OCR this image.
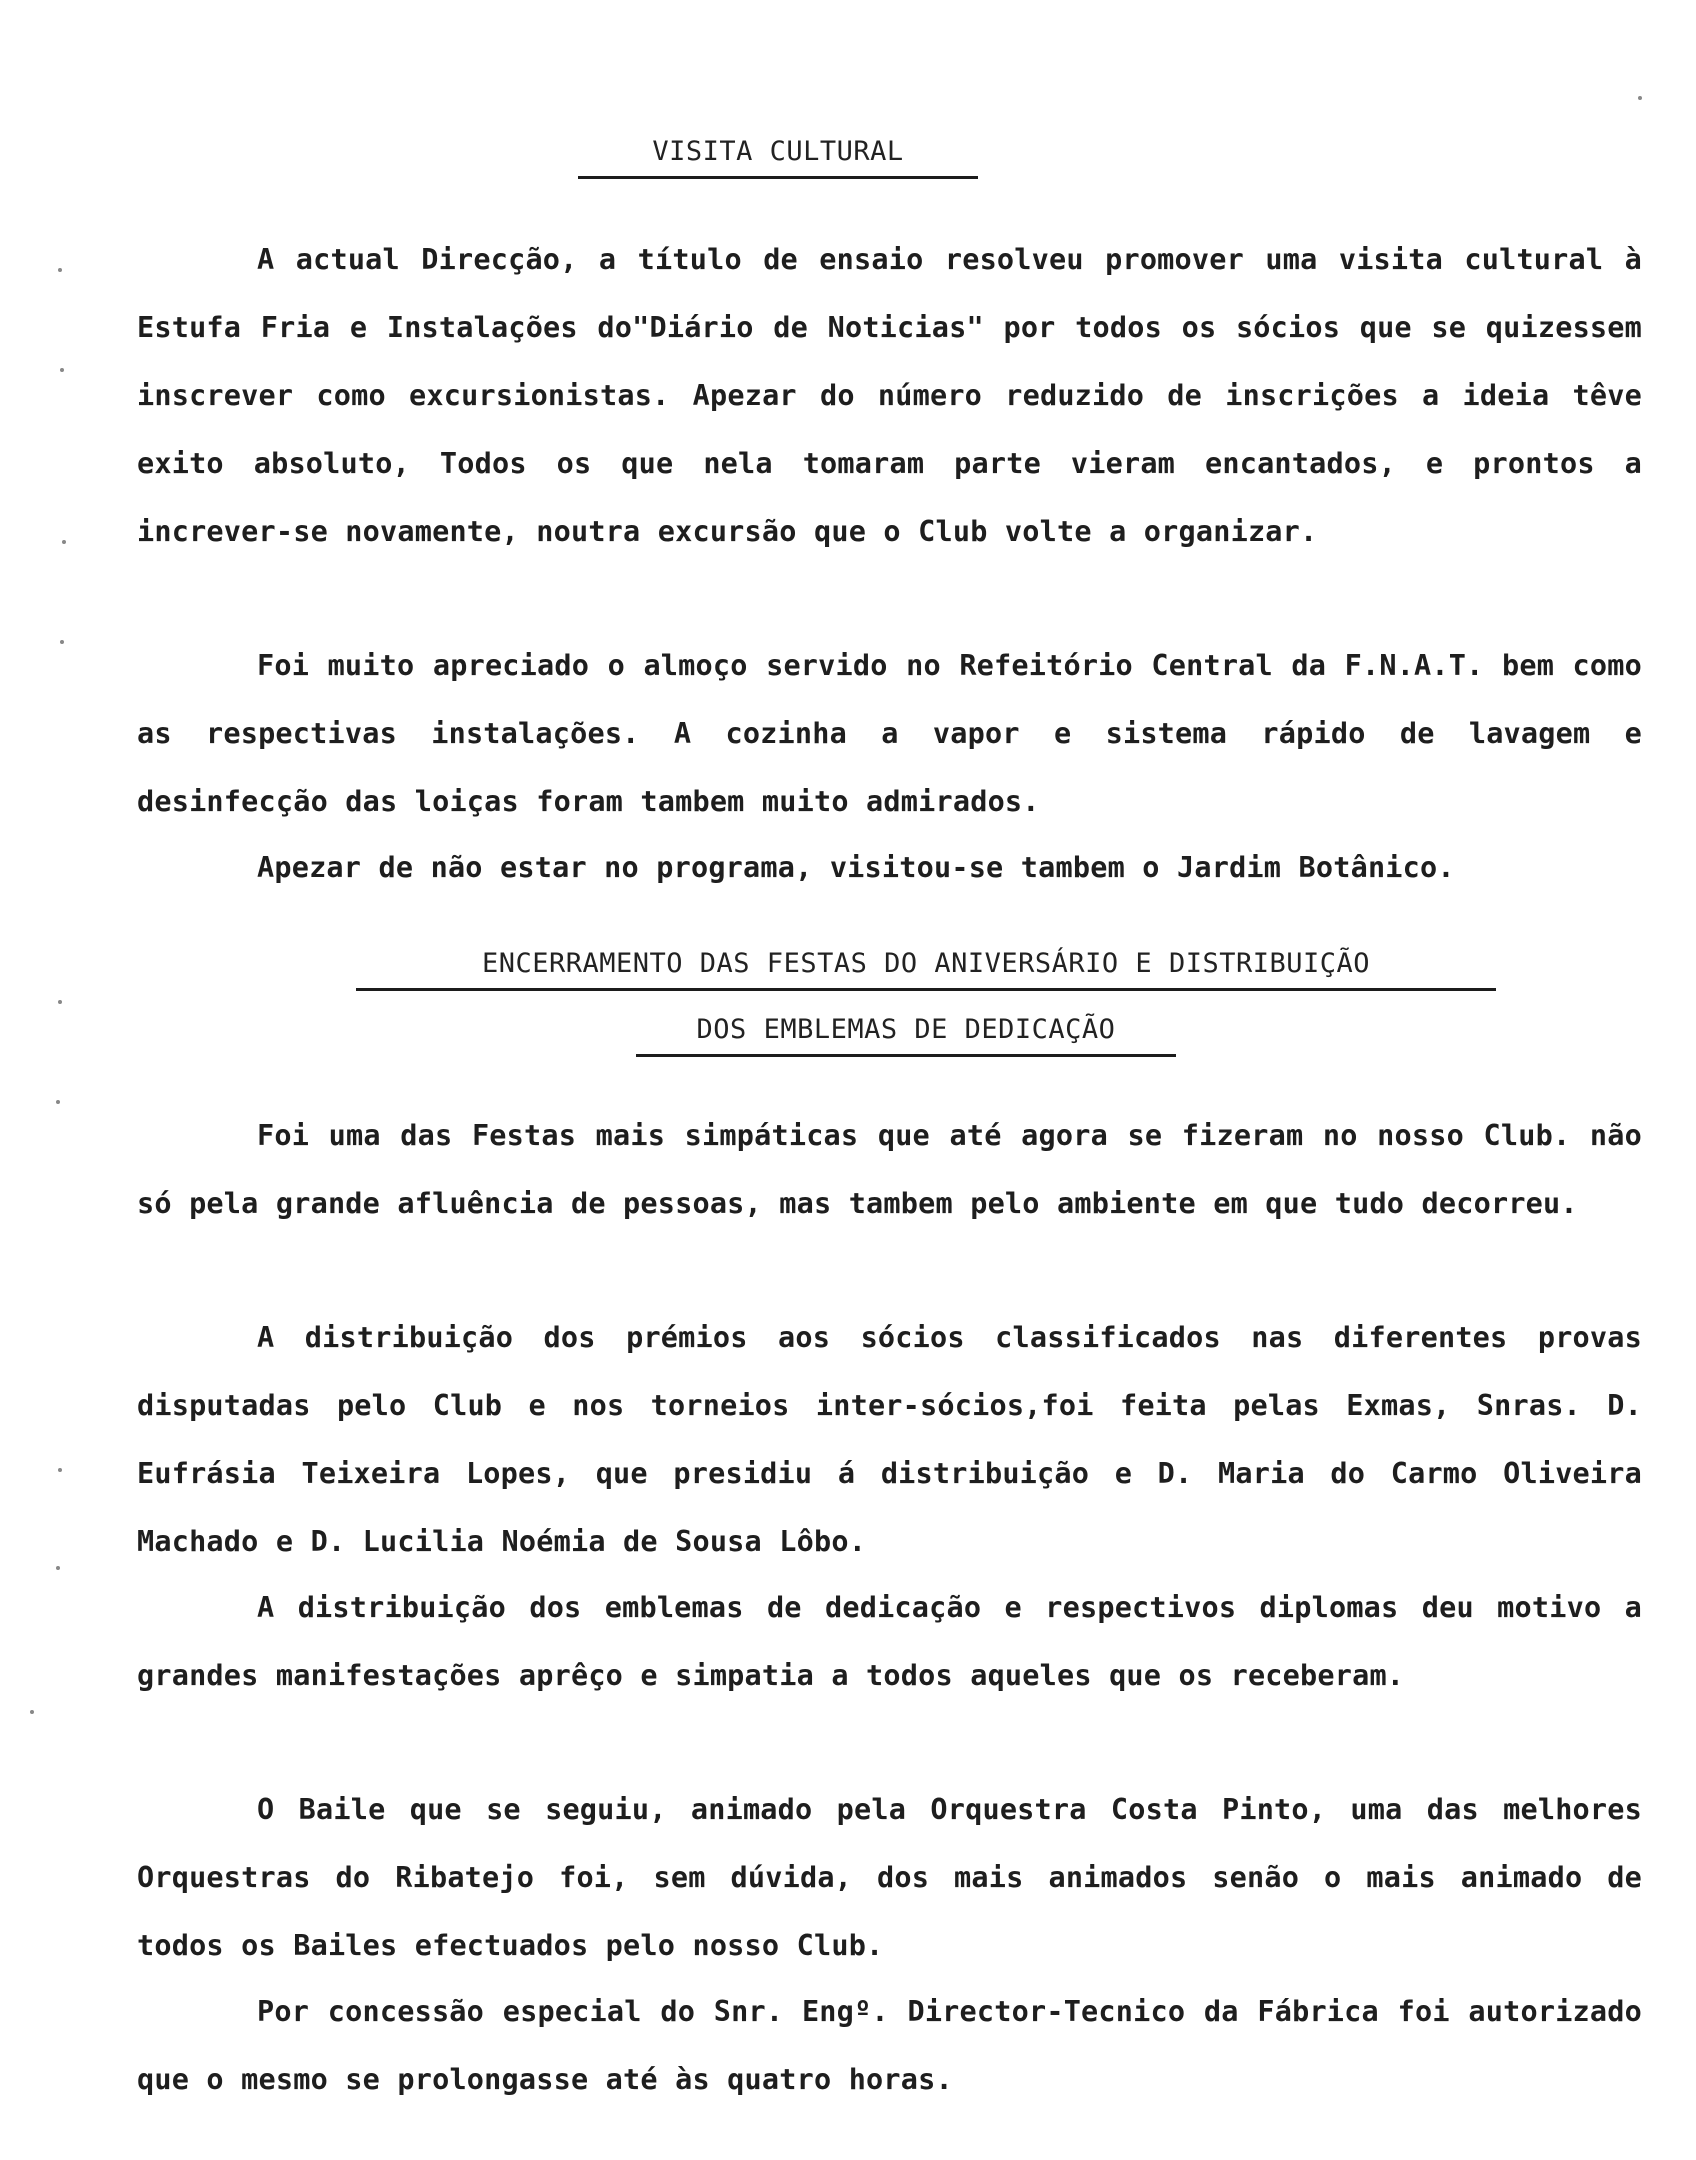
VISITA CULTURAL
A actual Direcção, a título de ensaio resolveu promover uma visita cultural à Estufa Fria e Instalações do"Diário de Noticias" por todos os sócios que se quizessem inscrever como excursionistas. Apezar do número reduzido de inscrições a ideia têve exito absoluto, Todos os que nela tomaram parte vieram encantados, e prontos a increver-se novamente, noutra excursão que o Club volte a organizar.
Foi muito apreciado o almoço servido no Refeitório Central da F.N.A.T. bem como as respectivas instalações. A cozinha a vapor e sistema rápido de lavagem e desinfecção das loiças foram tambem muito admirados.
Apezar de não estar no programa, visitou-se tambem o Jardim Botânico.
ENCERRAMENTO DAS FESTAS DO ANIVERSÁRIO E DISTRIBUIÇÃO
DOS EMBLEMAS DE DEDICAÇÃO
Foi uma das Festas mais simpáticas que até agora se fizeram no nosso Club. não só pela grande afluência de pessoas, mas tambem pelo ambiente em que tudo decorreu.
A distribuição dos prémios aos sócios classificados nas diferentes provas disputadas pelo Club e nos torneios inter-sócios,foi feita pelas Exmas, Snras. D. Eufrásia Teixeira Lopes, que presidiu á distribuição e D. Maria do Carmo Oliveira Machado e D. Lucilia Noémia de Sousa Lôbo.
A distribuição dos emblemas de dedicação e respectivos diplomas deu motivo a grandes manifestações aprêço e simpatia a todos aqueles que os receberam.
O Baile que se seguiu, animado pela Orquestra Costa Pinto, uma das melhores Orquestras do Ribatejo foi, sem dúvida, dos mais animados senão o mais animado de todos os Bailes efectuados pelo nosso Club.
Por concessão especial do Snr. Engº. Director-Tecnico da Fábrica foi autorizado que o mesmo se prolongasse até às quatro horas.
